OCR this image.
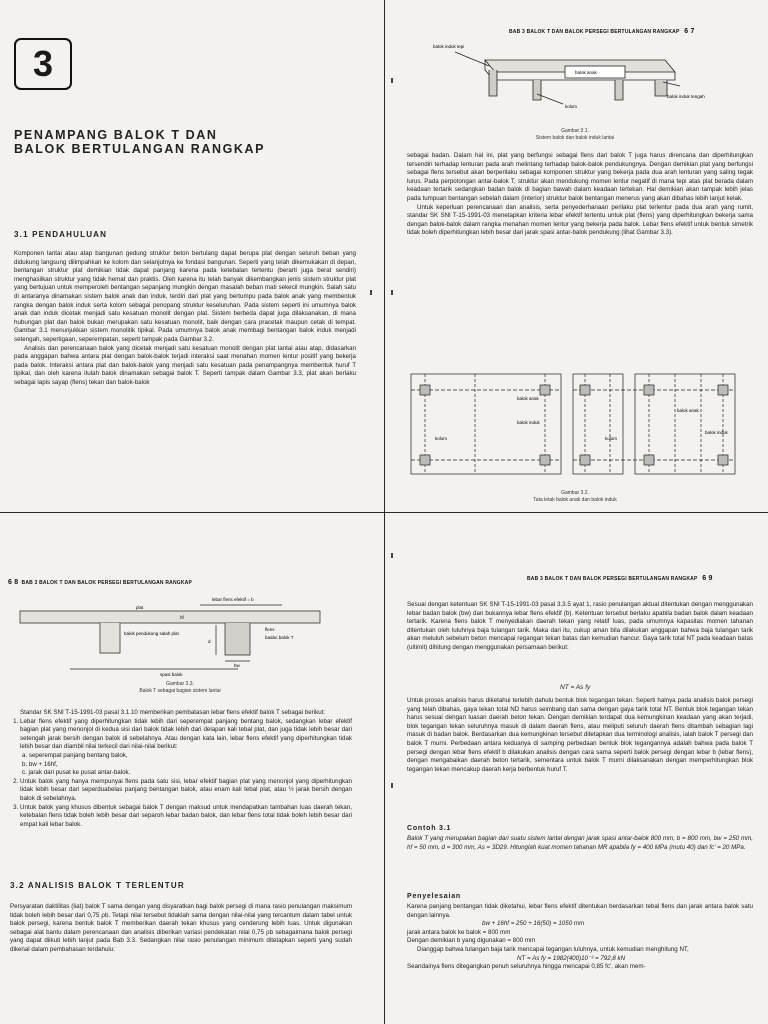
3
PENAMPANG BALOK T DAN
BALOK BERTULANGAN RANGKAP
3.1 PENDAHULUAN

Komponen lantai atau atap bangunan gedung struktur beton bertulang dapat berupa plat dengan seluruh beban yang didukung langsung dilimpahkan ke kolom dan selanjutnya ke fondasi bangunan. Seperti yang telah dikemukakan di depan, bentangan struktur plat demikian tidak dapat panjang karena pada ketebalan tertentu (berarti juga berat sendiri) menghasilkan struktur yang tidak hemat dan praktis. Oleh karena itu telah banyak dikembangkan jenis sistem struktur plat yang bertujuan untuk memperoleh bentangan sepanjang mungkin dengan masalah beban mati sekecil mungkin. Salah satu di antaranya dinamakan sistem balok anak dan induk, terdiri dari plat yang bertumpu pada balok anak yang membentuk rangka dengan balok induk serta kolom sebagai penopang struktur keseluruhan. Pada sistem seperti ini umumnya balok anak dan induk dicetak menjadi satu kesatuan monolit dengan plat. Sistem berbeda dapat juga dilaksanakan, di mana hubungan plat dan balok bukan merupakan satu kesatuan monolit, baik dengan cara pracetak maupun cetak di tempat. Gambar 3.1 menunjukkan sistem monolitik tipikal. Pada umumnya balok anak membagi bentangan balok induk menjadi setengah, sepertigaan, seperempatan, seperti tampak pada Gambar 3.2.

Analisis dan perencanaan balok yang dicetak menjadi satu kesatuan monolit dengan plat lantai atau atap, didasarkan pada anggapan bahwa antara plat dengan balok-balok terjadi interaksi saat menahan momen lentur positif yang bekerja pada balok. Interaksi antara plat dan balok-balok yang menjadi satu kesatuan pada penampangnya membentuk huruf T tipikal, dan oleh karena itulah balok dinamakan sebagai balok T. Seperti tampak dalam Gambar 3.3, plat akan berlaku sebagai lapis sayap (flens) tekan dan balok-balok

BAB 3 BALOK T DAN BALOK PERSEGI BERTULANGAN RANGKAP 6 7
balok induk tepi
balok anak
kolom
balok induk tengah
Gambar 3.1.
Sistem balok dan balok induk lantai

sebagai badan. Dalam hal ini, plat yang berfungsi sebagai flens dari balok T juga harus direncana dan diperhitungkan tersendiri terhadap lenturan pada arah melintang terhadap balok-balok pendukungnya. Dengan demikian plat yang berfungsi sebagai flens tersebut akan berperilaku sebagai komponen struktur yang bekerja pada dua arah lenturan yang saling tegak lurus. Pada perpotongan antar-balok T, struktur akan mendukung momen lentur negatif di mana tepi atas plat berada dalam keadaan tertarik sedangkan badan balok di bagian bawah dalam keadaan tertekan. Hal demikian akan tampak lebih jelas pada tumpuan bentangan sebelah dalam (interior) struktur balok bentangan menerus yang akan dibahas lebih lanjut kelak.

Untuk keperluan perencanaan dan analisis, serta penyederhanaan perilaku plat terlentur pada dua arah yang rumit, standar SK SNI T-15-1991-03 menetapkan kriteria lebar efektif tertentu untuk plat (flens) yang diperhitungkan bekerja sama dengan balok-balok dalam rangka menahan momen lentur yang bekerja pada balok. Lebar flens efektif untuk bentuk simetrik tidak boleh diperhitungkan lebih besar dari jarak spasi antar-balok pendukung (lihat Gambar 3.3).

balok anak
balok induk
kolom
balok anak
balok induk
kolom
Gambar 3.2.
Tata letak balok anak dan balok induk
6 8 BAB 3 BALOK T DAN BALOK PERSEGI BERTULANGAN RANGKAP
lebar flens efektif = b
plat
flens
badan balok T
balok pendukung salah plat
hf
d
bw
spasi balok
Gambar 3.3.
Balok T sebagai bagian sistem lantai

Standar SK SNI T-15-1991-03 pasal 3.1.10 memberikan pembatasan lebar flens efektif balok T sebagai berikut:

1. Lebar flens efektif yang diperhitungkan tidak lebih dari seperempat panjang bentang balok, sedangkan lebar efektif bagian plat yang menonjol di kedua sisi dari balok tidak lebih dari delapan kali tebal plat, dan juga tidak lebih besar dari setengah jarak bersih dengan balok di sebelahnya. Atau dengan kata lain, lebar flens efektif yang diperhitungkan tidak lebih besar dan diambil nilai terkecil dari nilai-nilai berikut:
a. seperempat panjang bentang balok,
b. bw + 16hf,
c. jarak dari pusat ke pusat antar-balok.
2. Untuk balok yang hanya mempunyai flens pada satu sisi, lebar efektif bagian plat yang menonjol yang diperhitungkan tidak lebih besar dari seperduabelas panjang bentangan balok, atau enam kali tebal plat, atau ½ jarak bersih dengan balok di sebelahnya.
3. Untuk balok yang khusus dibentuk sebagai balok T dengan maksud untuk mendapatkan tambahan luas daerah tekan, ketebalan flens tidak boleh lebih besar dari separoh lebar badan balok, dan lebar flens total tidak boleh lebih besar dari empat kali lebar balok.
3.2 ANALISIS BALOK T TERLENTUR

Persyaratan daktilitas (liat) balok T sama dengan yang disyaratkan bagi balok persegi di mana rasio penulangan maksimum tidak boleh lebih besar dari 0,75 ρb. Tetapi nilai tersebut tidaklah sama dengan nilai-nilai yang tercantum dalam tabel untuk balok persegi, karena bentuk balok T memberikan daerah tekan khusus yang cenderung lebih luas. Untuk digunakan sebagai alat bantu dalam perencanaan dan analisis diberikan variasi pendekatan nilai 0,75 ρb sebagaimana balok persegi yang dapat diikuti lebih lanjut pada Bab 3.3. Sedangkan nilai rasio penulangan minimum ditetapkan seperti yang sudah dikenal dalam pembahasan terdahulu:

BAB 3 BALOK T DAN BALOK PERSEGI BERTULANGAN RANGKAP 6 9

Sesuai dengan ketentuan SK SNI T-15-1991-03 pasal 3.3.5 ayat 1, rasio penulangan aktual ditentukan dengan menggunakan lebar badan balok (bw) dan bukannya lebar flens efektif (b). Ketentuan tersebut berlaku apabila badan balok dalam keadaan tertarik. Karena flens balok T menyediakan daerah tekan yang relatif luas, pada umumnya kapasitas momen tahanan ditentukan oleh luluhnya baja tulangan tarik. Maka dari itu, cukup aman bila dilakukan anggapan bahwa baja tulangan tarik akan meluluh sebelum beton mencapai regangan tekan batas dan kemudian hancur. Gaya tarik total NT pada keadaan batas (ultimit) dihitung dengan menggunakan persamaan berikut:

NT = As fy

Untuk proses analisis harus diketahui terlebih dahulu bentuk blok tegangan tekan. Seperti halnya pada analisis balok persegi yang telah dibahas, gaya tekan total ND harus seimbang dan sama dengan gaya tarik total NT. Bentuk blok tegangan tekan harus sesuai dengan luasan daerah beton tekan. Dengan demikian terdapat dua kemungkinan keadaan yang akan terjadi, blok tegangan tekan seluruhnya masuk di dalam daerah flens, atau meliputi seluruh daerah flens ditambah sebagian lagi masuk di badan balok. Berdasarkan dua kemungkinan tersebut ditetapkan dua terminologi analisis, ialah balok T persegi dan balok T murni. Perbedaan antara keduanya di samping perbedaan bentuk blok tegangannya adalah bahwa pada balok T persegi dengan lebar flens efektif b dilakukan analisis dengan cara sama seperti balok persegi dengan lebar b (lebar flens), dengan mengabaikan daerah beton tertarik, sementara untuk balok T murni dilaksanakan dengan memperhitungkan blok tegangan tekan mencakup daerah kerja berbentuk huruf T.

Contoh 3.1
Balok T yang merupakan bagian dari suatu sistem lantai dengan jarak spasi antar-balok 800 mm, b = 800 mm, bw = 250 mm, hf = 50 mm, d = 300 mm, As = 3D29. Hitunglah kuat momen tahanan MR apabila fy = 400 MPa (mutu 40) dan fc' = 20 MPa.
Penyelesaian
Karena panjang bentangan tidak diketahui, lebar flens efektif ditentukan berdasarkan tebal flens dan jarak antara balok satu dengan lainnya.
bw + 16hf = 250 + 16(50) = 1050 mm
jarak antara balok ke balok = 800 mm
Dengan demikian b yang digunakan = 800 mm

Dianggap bahwa tulangan baja tarik mencapai tegangan luluhnya, untuk kemudian menghitung NT,

NT = As fy = 1982(400)10⁻³ = 792,8 kN
Seandainya flens ditegangkan penuh seluruhnya hingga mencapai 0,85 fc', akan mem-
